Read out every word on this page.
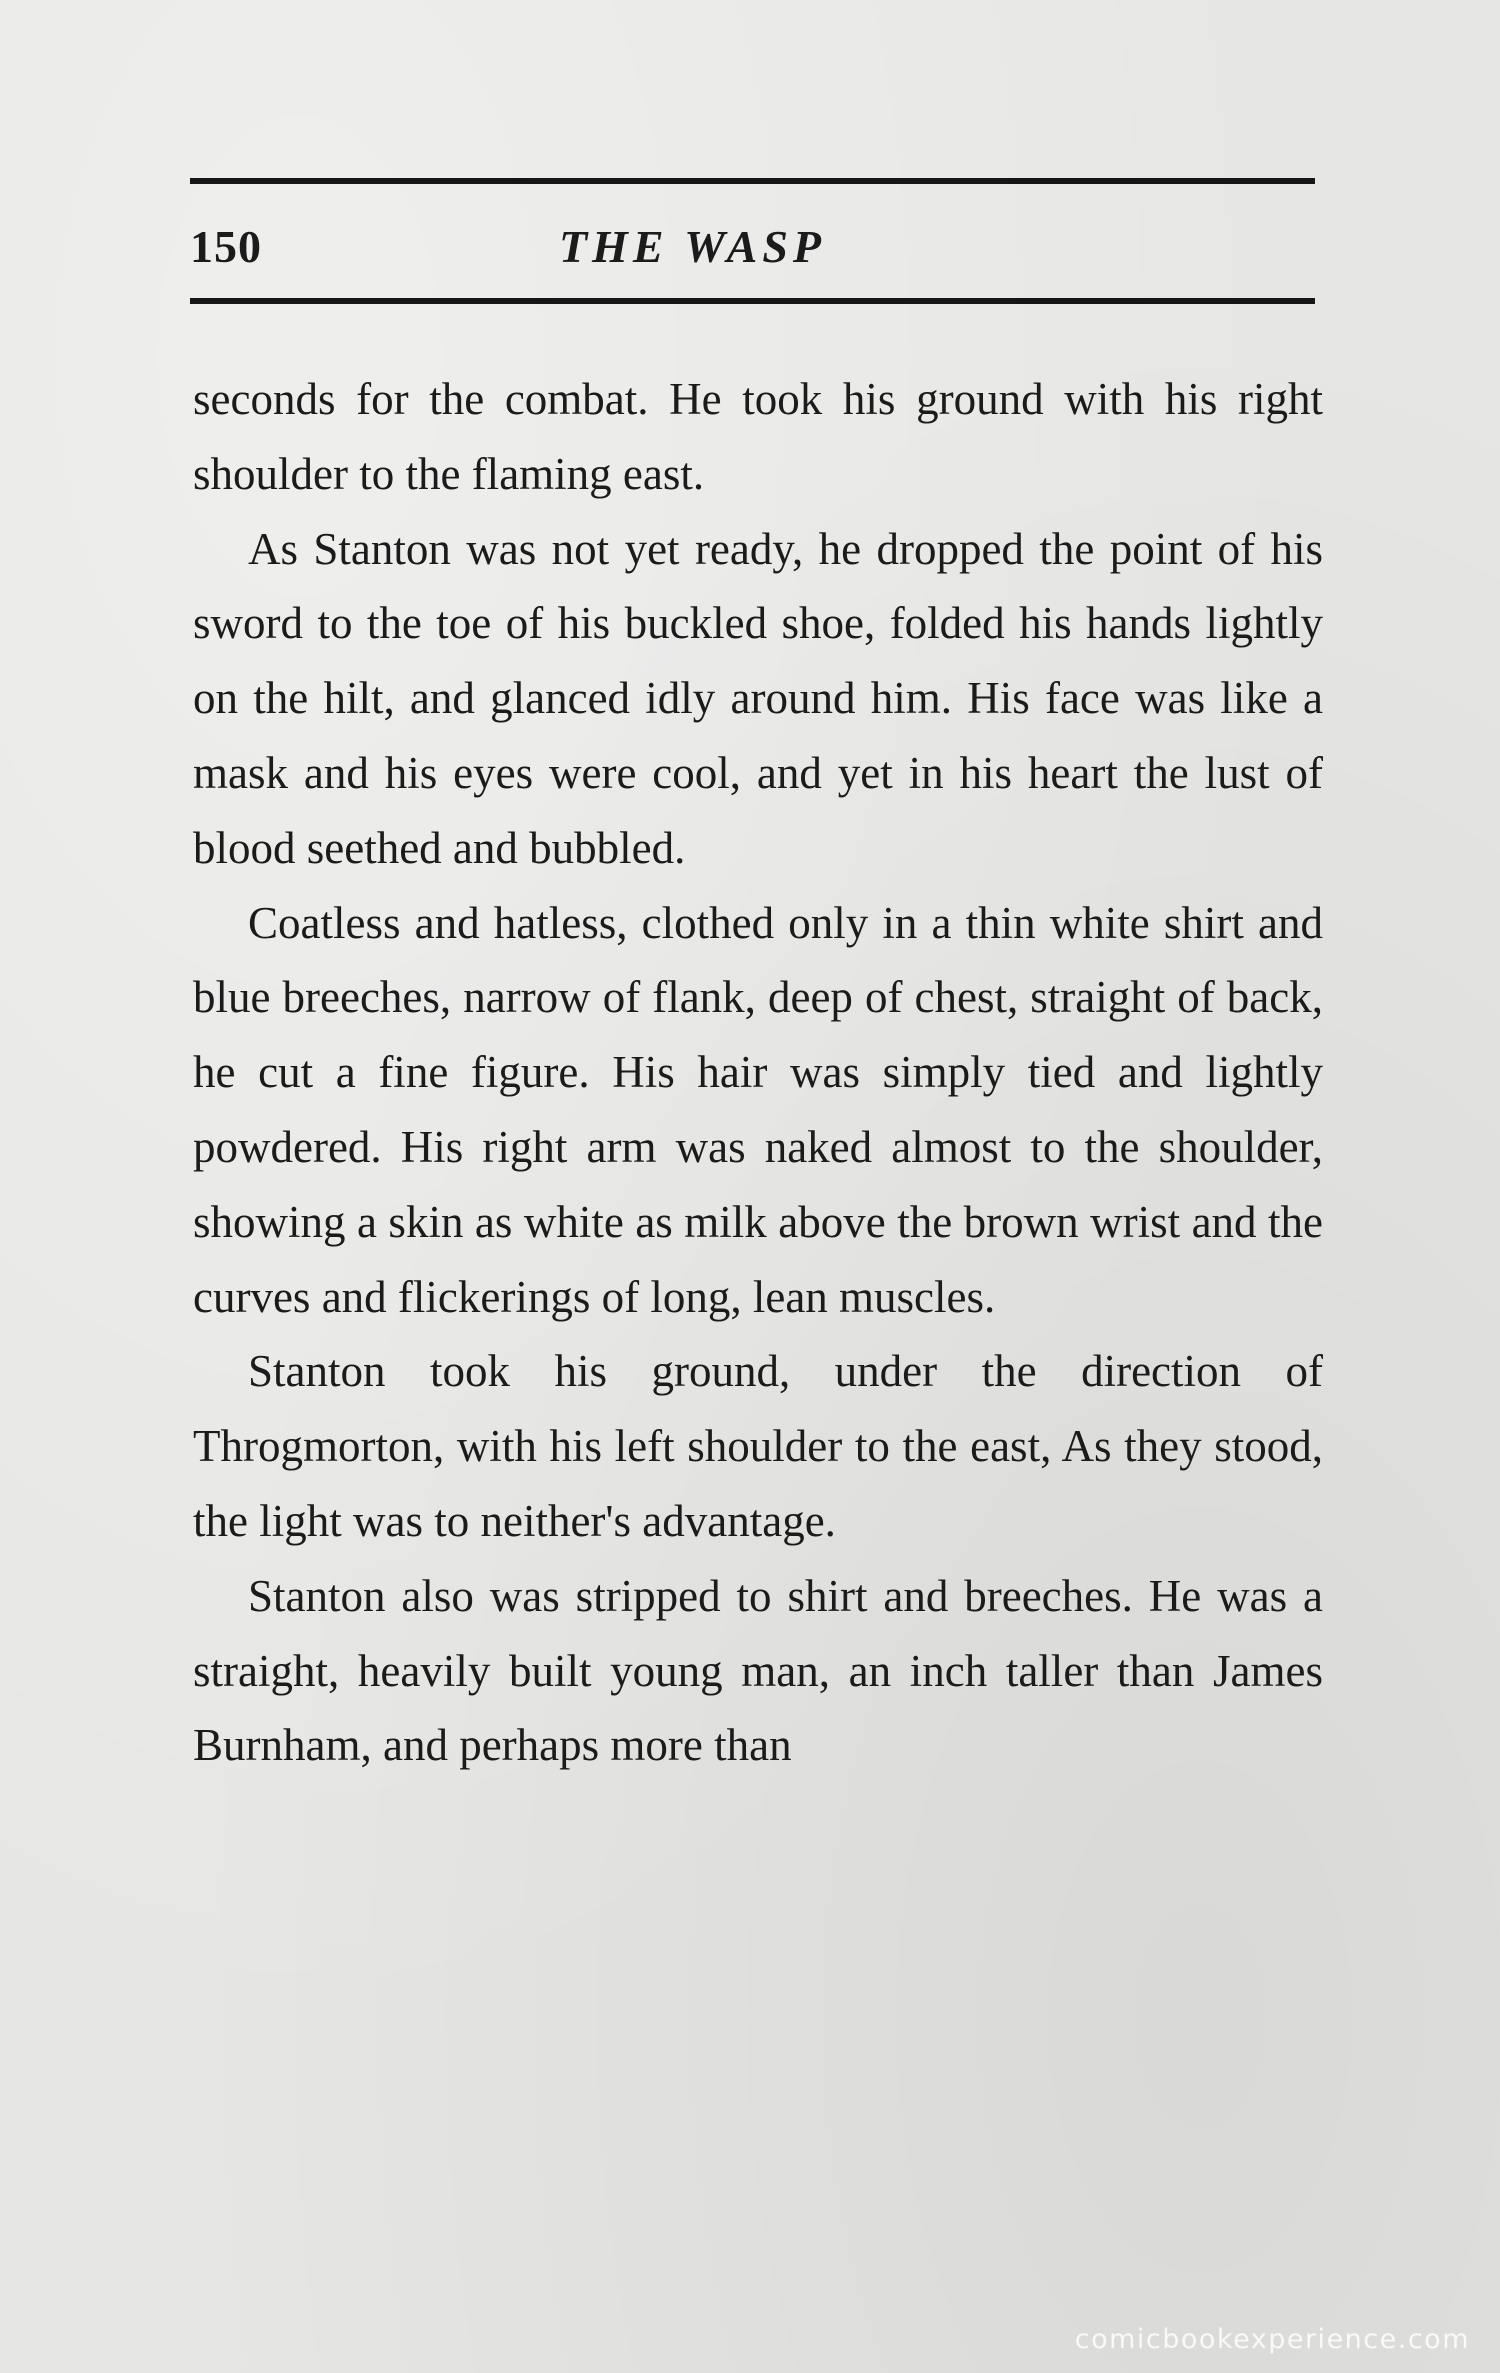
150	THE WASP

seconds for the combat. He took his ground with his right shoulder to the flaming east.

As Stanton was not yet ready, he dropped the point of his sword to the toe of his buckled shoe, folded his hands lightly on the hilt, and glanced idly around him. His face was like a mask and his eyes were cool, and yet in his heart the lust of blood seethed and bubbled.

Coatless and hatless, clothed only in a thin white shirt and blue breeches, narrow of flank, deep of chest, straight of back, he cut a fine figure. His hair was simply tied and lightly powdered. His right arm was naked almost to the shoulder, showing a skin as white as milk above the brown wrist and the curves and flickerings of long, lean muscles.

Stanton took his ground, under the direction of Throgmorton, with his left shoulder to the east, As they stood, the light was to neither's advantage.

Stanton also was stripped to shirt and breeches. He was a straight, heavily built young man, an inch taller than James Burnham, and perhaps more than

comicbookexperience.com
